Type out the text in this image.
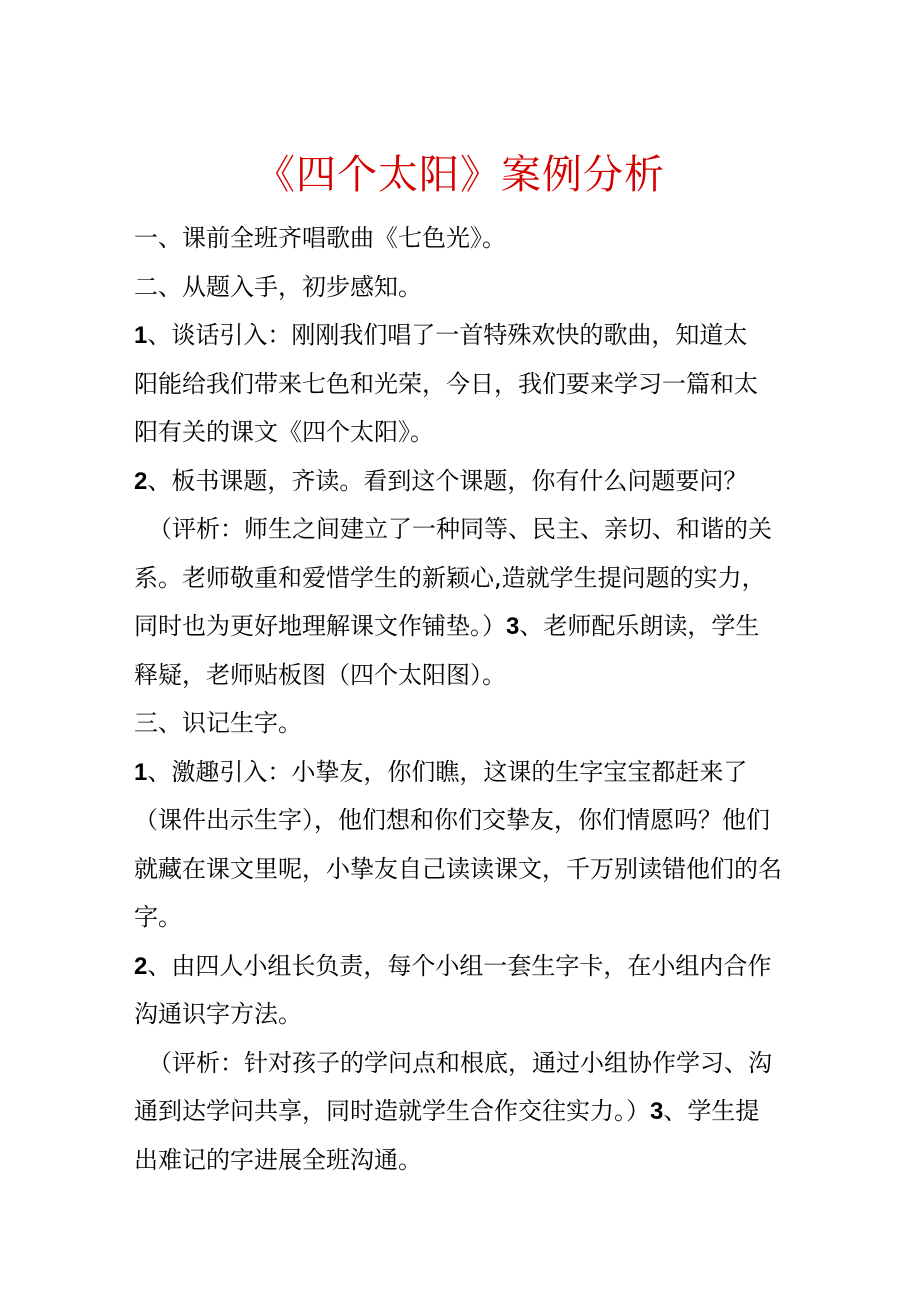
《四个太阳》案例分析
一、课前全班齐唱歌曲《七色光》。
二、从题入手，初步感知。
1、谈话引入：刚刚我们唱了一首特殊欢快的歌曲，知道太
阳能给我们带来七色和光荣，今日，我们要来学习一篇和太
阳有关的课文《四个太阳》。
2、板书课题，齐读。看到这个课题，你有什么问题要问？
（评析：师生之间建立了一种同等、民主、亲切、和谐的关
系。老师敬重和爱惜学生的新颖心,造就学生提问题的实力，
同时也为更好地理解课文作铺垫。）3、老师配乐朗读，学生
释疑，老师贴板图（四个太阳图）。
三、识记生字。
1、激趣引入：小挚友，你们瞧，这课的生字宝宝都赶来了
（课件出示生字），他们想和你们交挚友，你们情愿吗？他们
就藏在课文里呢，小挚友自己读读课文，千万别读错他们的名
字。
2、由四人小组长负责，每个小组一套生字卡，在小组内合作
沟通识字方法。
（评析：针对孩子的学问点和根底，通过小组协作学习、沟
通到达学问共享，同时造就学生合作交往实力。）3、学生提
出难记的字进展全班沟通。
